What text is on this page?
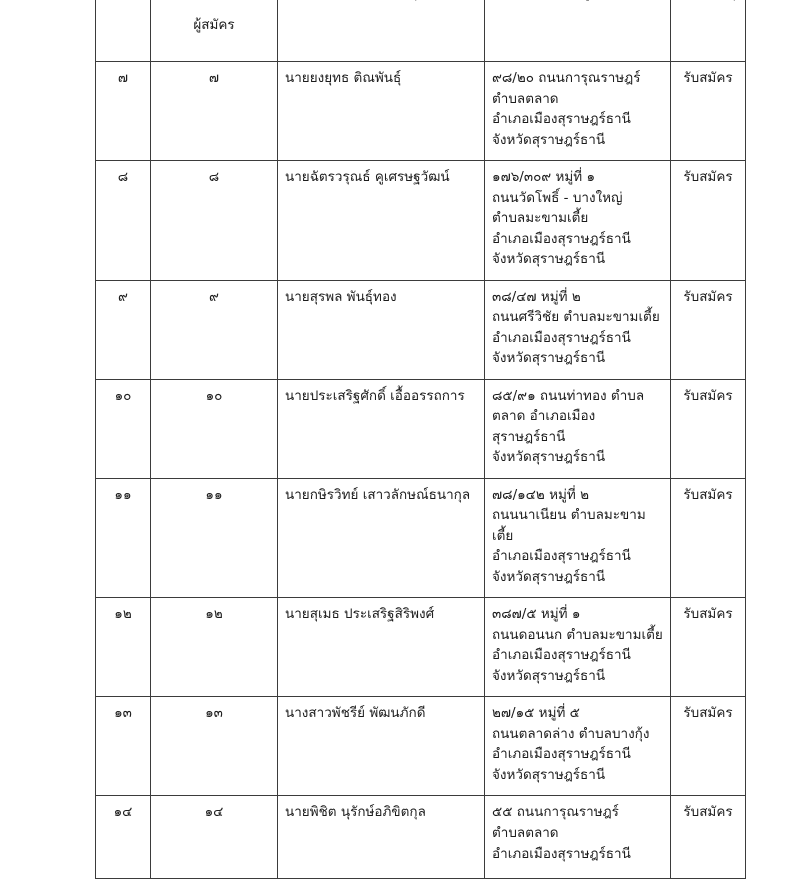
	ผู้สมัคร			
๗	๗	นายยงยุทธ ติณพันธุ์	๙๘/๒๐ ถนนการุณราษฎร์
ตำบลตลาด
อำเภอเมืองสุราษฎร์ธานี
จังหวัดสุราษฎร์ธานี	รับสมัคร
๘	๘	นายฉัตรวรุณธ์ คูเศรษฐวัฒน์	๑๗๖/๓๐๙ หมู่ที่ ๑
ถนนวัดโพธิ์ - บางใหญ่
ตำบลมะขามเตี้ย
อำเภอเมืองสุราษฎร์ธานี
จังหวัดสุราษฎร์ธานี	รับสมัคร
๙	๙	นายสุรพล พันธุ์ทอง	๓๘/๔๗ หมู่ที่ ๒
ถนนศรีวิชัย ตำบลมะขามเตี้ย
อำเภอเมืองสุราษฎร์ธานี
จังหวัดสุราษฎร์ธานี	รับสมัคร
๑๐	๑๐	นายประเสริฐศักดิ์ เอื้ออรรถการ	๘๕/๙๑ ถนนท่าทอง ตำบล
ตลาด อำเภอเมืองสุราษฎร์ธานี
จังหวัดสุราษฎร์ธานี	รับสมัคร
๑๑	๑๑	นายกษิรวิทย์ เสาวลักษณ์ธนากุล	๗๘/๑๔๒ หมู่ที่ ๒
ถนนนาเนียน ตำบลมะขามเตี้ย
อำเภอเมืองสุราษฎร์ธานี
จังหวัดสุราษฎร์ธานี	รับสมัคร
๑๒	๑๒	นายสุเมธ ประเสริฐสิริพงศ์	๓๘๗/๕ หมู่ที่ ๑
ถนนดอนนก ตำบลมะขามเตี้ย
อำเภอเมืองสุราษฎร์ธานี
จังหวัดสุราษฎร์ธานี	รับสมัคร
๑๓	๑๓	นางสาวพัชรีย์ พัฒนภักดี	๒๗/๑๕ หมู่ที่ ๕
ถนนตลาดล่าง ตำบลบางกุ้ง
อำเภอเมืองสุราษฎร์ธานี
จังหวัดสุราษฎร์ธานี	รับสมัคร
๑๔	๑๔	นายพิชิต นุรักษ์อภิขิตกุล	๕๕ ถนนการุณราษฎร์
ตำบลตลาด
อำเภอเมืองสุราษฎร์ธานี	รับสมัคร
